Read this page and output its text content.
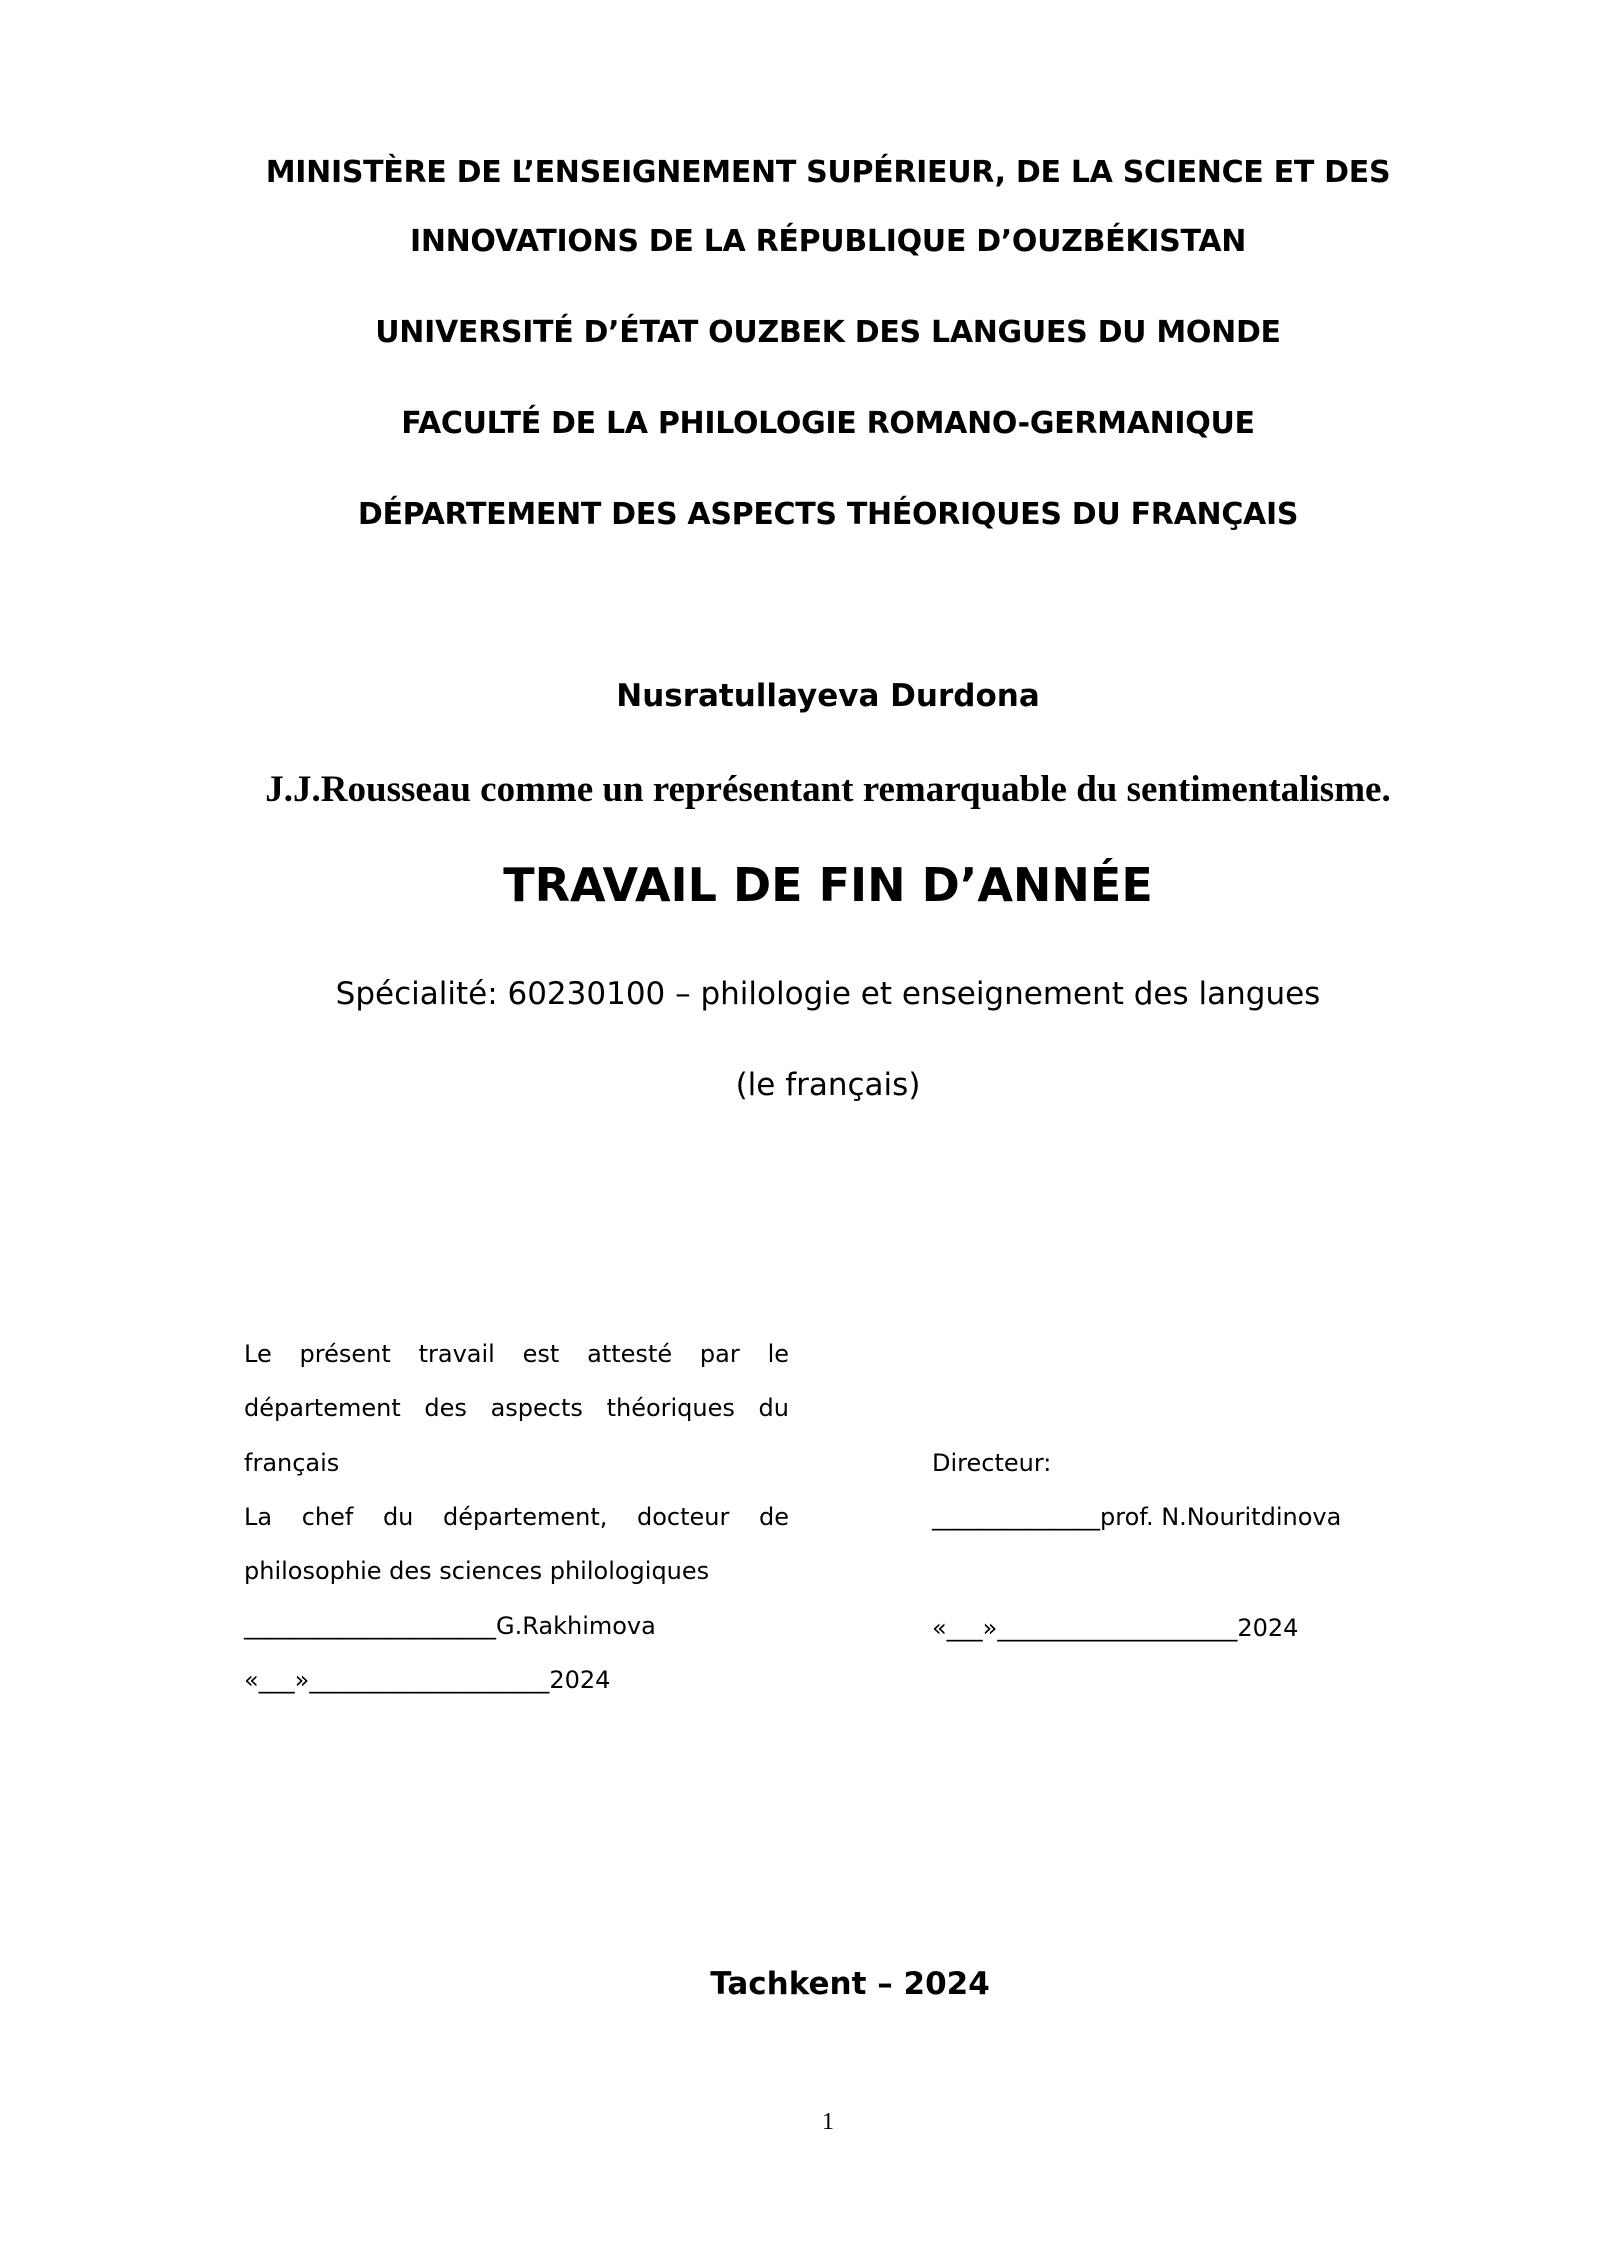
MINISTÈRE DE L’ENSEIGNEMENT SUPÉRIEUR, DE LA SCIENCE ET DES
INNOVATIONS DE LA RÉPUBLIQUE D’OUZBÉKISTAN
UNIVERSITÉ D’ÉTAT OUZBEK DES LANGUES DU MONDE
FACULTÉ DE LA PHILOLOGIE ROMANO-GERMANIQUE
DÉPARTEMENT DES ASPECTS THÉORIQUES DU FRANÇAIS
Nusratullayeva Durdona
J.J.Rousseau comme un représentant remarquable du sentimentalisme.
TRAVAIL DE FIN D’ANNÉE
Spécialité: 60230100 – philologie et enseignement des langues
(le français)
Le présent travail est attesté par le
département des aspects théoriques du
français
La chef du département, docteur de
philosophie des sciences philologiques
_____________________G.Rakhimova
«___»____________________2024
Directeur:
______________prof. N.Nouritdinova
«___»____________________2024
Tachkent – 2024
1
